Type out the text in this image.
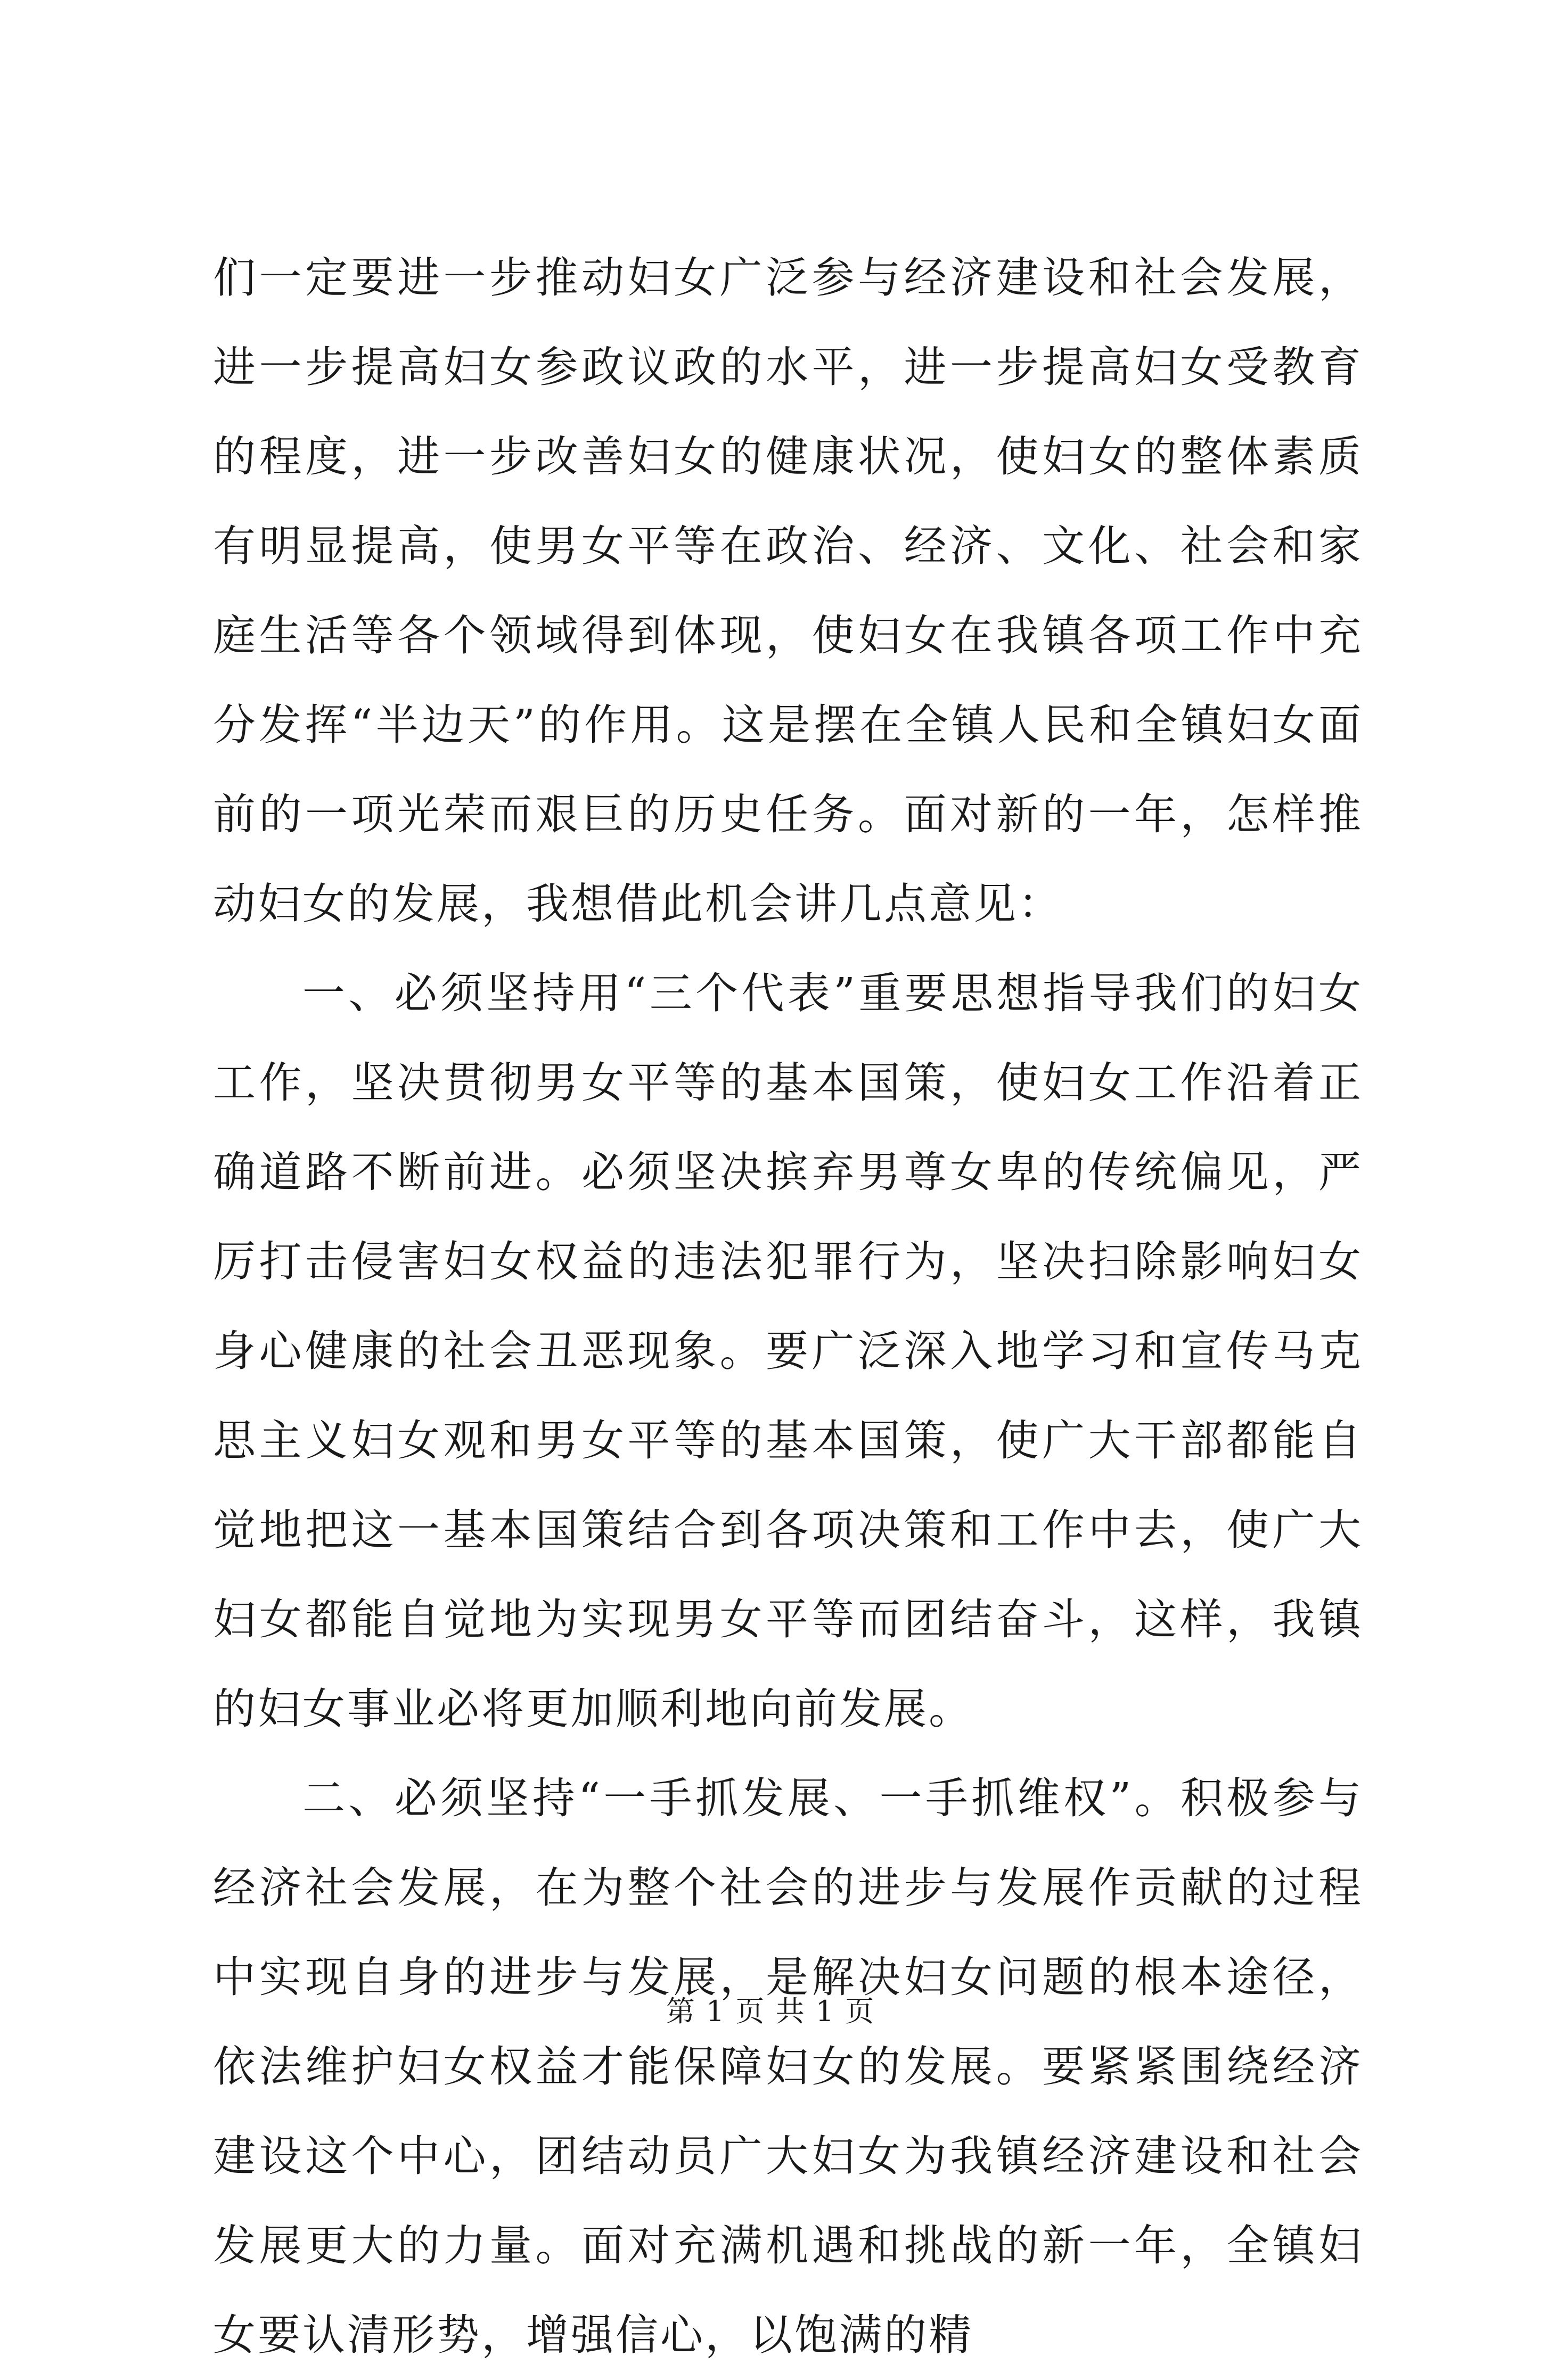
们一定要进一步推动妇女广泛参与经济建设和社会发展，进一步提高妇女参政议政的水平，进一步提高妇女受教育的程度，进一步改善妇女的健康状况，使妇女的整体素质有明显提高，使男女平等在政治、经济、文化、社会和家庭生活等各个领域得到体现，使妇女在我镇各项工作中充分发挥“半边天”的作用。这是摆在全镇人民和全镇妇女面前的一项光荣而艰巨的历史任务。面对新的一年，怎样推动妇女的发展，我想借此机会讲几点意见：

一、必须坚持用“三个代表”重要思想指导我们的妇女工作，坚决贯彻男女平等的基本国策，使妇女工作沿着正确道路不断前进。必须坚决摈弃男尊女卑的传统偏见，严厉打击侵害妇女权益的违法犯罪行为，坚决扫除影响妇女身心健康的社会丑恶现象。要广泛深入地学习和宣传马克思主义妇女观和男女平等的基本国策，使广大干部都能自觉地把这一基本国策结合到各项决策和工作中去，使广大妇女都能自觉地为实现男女平等而团结奋斗，这样，我镇的妇女事业必将更加顺利地向前发展。

二、必须坚持“一手抓发展、一手抓维权”。积极参与经济社会发展，在为整个社会的进步与发展作贡献的过程中实现自身的进步与发展，是解决妇女问题的根本途径，依法维护妇女权益才能保障妇女的发展。要紧紧围绕经济建设这个中心，团结动员广大妇女为我镇经济建设和社会发展更大的力量。面对充满机遇和挑战的新一年，全镇妇女要认清形势，增强信心，以饱满的精

第 1 页 共 1 页
